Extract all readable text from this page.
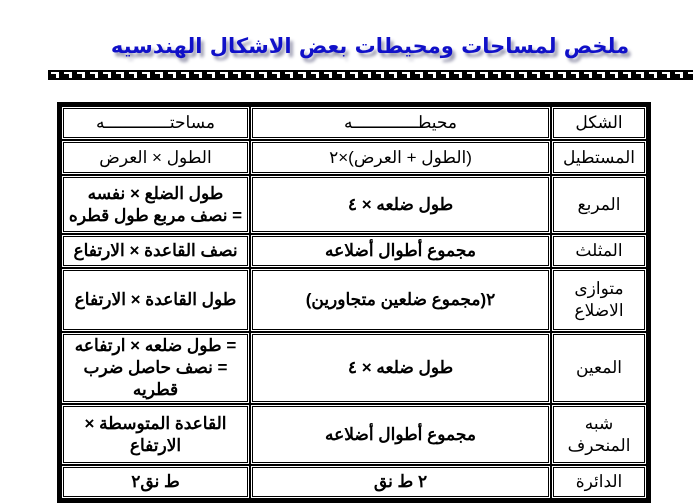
ملخص لمساحات ومحيطات بعض الاشكال الهندسيه
الشكل	محيطـــــــــــــه	مساحتـــــــــــــه
المستطيل	(الطول + العرض)×٢	الطول × العرض

المربع	طول ضلعه × ٤	طول الضلع × نفسه
= نصف مربع طول قطره

المثلث	مجموع أطوال أضلاعه	نصف القاعدة × الارتفاع

متوازى الاضلاع	٢(مجموع ضلعين متجاورين)	طول القاعدة × الارتفاع

المعين	طول ضلعه × ٤	= طول ضلعه × ارتفاعه
= نصف حاصل ضرب قطريه

شبه المنحرف	مجموع أطوال أضلاعه	القاعدة المتوسطة × الارتفاع

الدائرة	٢ ط نق	ط نق٢
